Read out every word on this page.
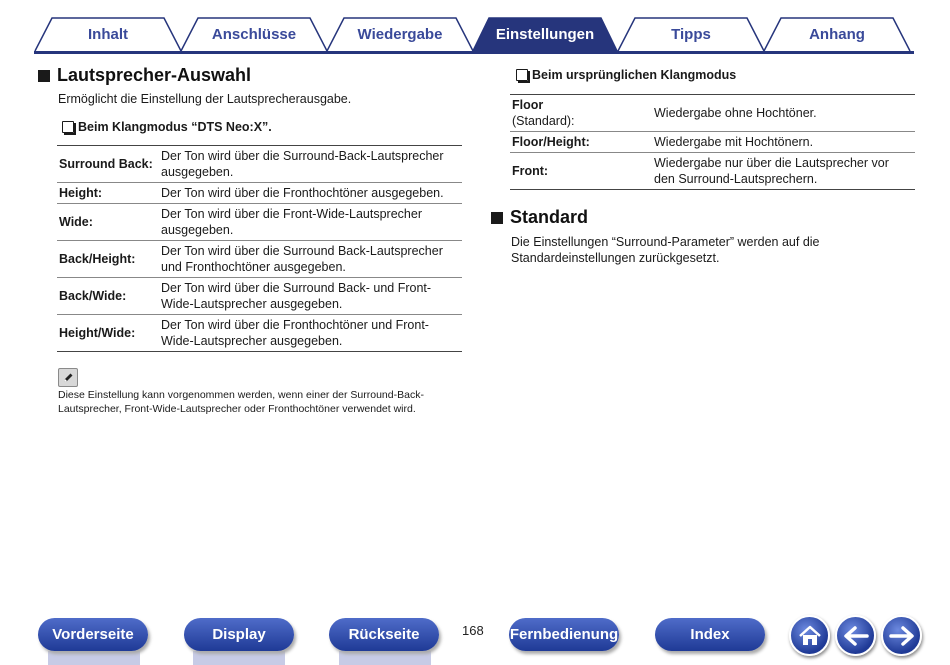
Inhalt	Anschlüsse	Wiedergabe	Einstellungen	Tipps	Anhang
Lautsprecher-Auswahl
Ermöglicht die Einstellung der Lautsprecherausgabe.
Beim Klangmodus “DTS Neo:X”.
Surround Back:	Der Ton wird über die Surround-Back-Lautsprecher ausgegeben.
Height:	Der Ton wird über die Fronthochtöner ausgegeben.
Wide:	Der Ton wird über die Front-Wide-Lautsprecher ausgegeben.
Back/Height:	Der Ton wird über die Surround Back-Lautsprecher und Fronthochtöner ausgegeben.
Back/Wide:	Der Ton wird über die Surround Back- und Front-Wide-Lautsprecher ausgegeben.
Height/Wide:	Der Ton wird über die Fronthochtöner und Front-Wide-Lautsprecher ausgegeben.
Diese Einstellung kann vorgenommen werden, wenn einer der Surround-Back-Lautsprecher, Front-Wide-Lautsprecher oder Fronthochtöner verwendet wird.
Beim ursprünglichen Klangmodus
Floor
(Standard):	Wiedergabe ohne Hochtöner.
Floor/Height:	Wiedergabe mit Hochtönern.
Front:	Wiedergabe nur über die Lautsprecher vor den Surround-Lautsprechern.
Standard
Die Einstellungen “Surround-Parameter” werden auf die Standardeinstellungen zurückgesetzt.
Vorderseite	Display	Rückseite	168 Fernbedienung	Index
